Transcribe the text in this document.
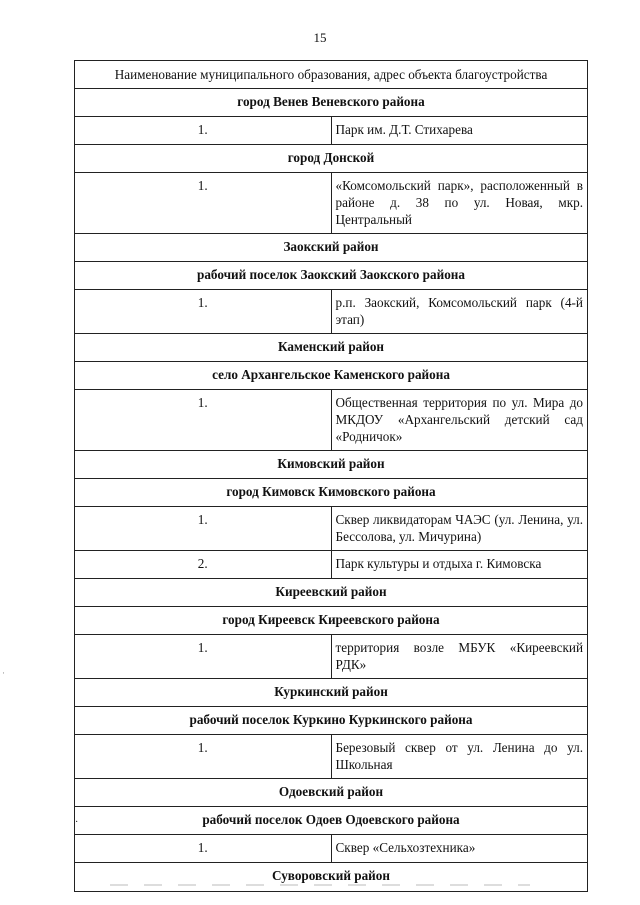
15
Наименование муниципального образования, адрес объекта благоустройства	
город Венев Веневского района	
1.	Парк им. Д.Т. Стихарева
город Донской	
1.	«Комсомольский парк», расположенный в районе д. 38 по ул. Новая, мкр. Центральный
Заокский район	
рабочий поселок Заокский Заокского района	
1.	р.п. Заокский, Комсомольский парк (4-й этап)
Каменский район	
село Архангельское Каменского района	
1.	Общественная территория по ул. Мира до МКДОУ «Архангельский детский сад «Родничок»
Кимовский район	
город Кимовск Кимовского района	
1.	Сквер ликвидаторам ЧАЭС (ул. Ленина, ул. Бессолова, ул. Мичурина)
2.	Парк культуры и отдыха г. Кимовска
Киреевский район	
город Киреевск Киреевского района	
1.	территория возле МБУК «Киреевский РДК»
Куркинский район	
рабочий поселок Куркино Куркинского района	
1.	Березовый сквер от ул. Ленина до ул. Школьная
Одоевский район	
рабочий поселок Одоев Одоевского района	
1.	Сквер «Сельхозтехника»
Суворовский район	
·
·
